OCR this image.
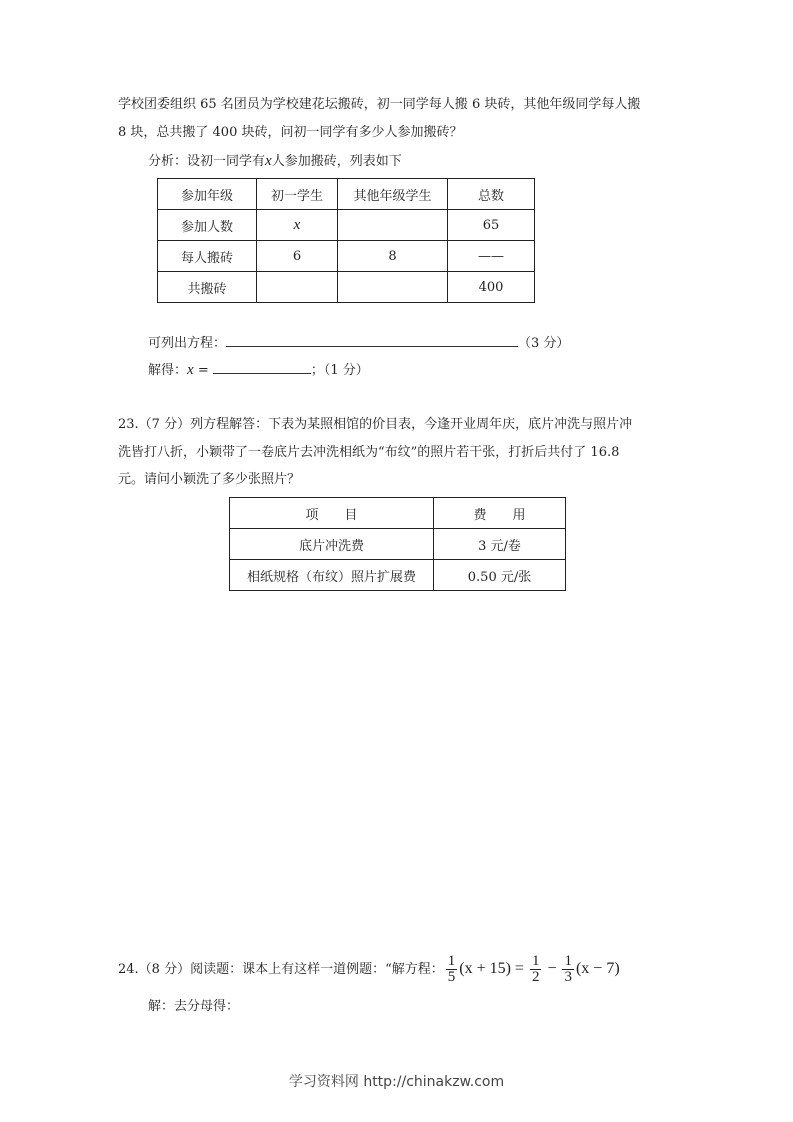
学校团委组织 65 名团员为学校建花坛搬砖，初一同学每人搬 6 块砖，其他年级同学每人搬
8 块，总共搬了 400 块砖，问初一同学有多少人参加搬砖？
分析：设初一同学有x人参加搬砖，列表如下
参加年级	初一学生	其他年级学生	总数
参加人数	x		65
每人搬砖	6	8	——
共搬砖			400
可列出方程：	（3 分）
解得：x =	；（1 分）
23.（7 分）列方程解答：下表为某照相馆的价目表，今逢开业周年庆，底片冲洗与照片冲
洗皆打八折，小颖带了一卷底片去冲洗相纸为“布纹”的照片若干张，打折后共付了 16.8
元。请问小颖洗了多少张照片？
项　　目	费　　用
底片冲洗费	3 元/卷
相纸规格（布纹）照片扩展费	0.50 元/张
24.（8 分）阅读题：课本上有这样一道例题：“解方程： $\frac{1}{5} (x + 15) = \frac{1}{2} - \frac{1}{3} (x - 7)$
解：去分母得：
学习资料网 http://chinakzw.com
